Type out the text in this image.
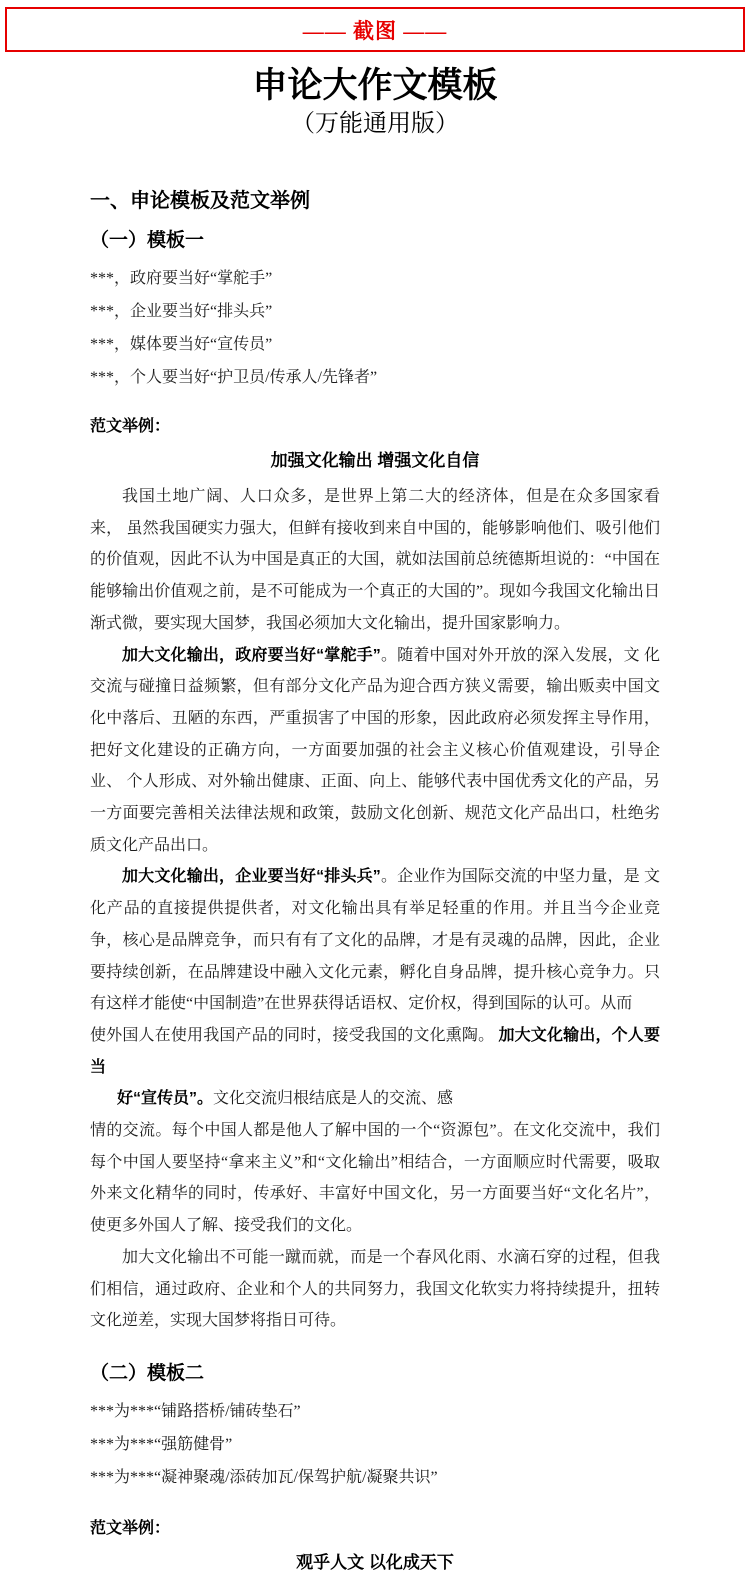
—— 截图 ——
申论大作文模板
（万能通用版）
一、申论模板及范文举例
（一）模板一
***，政府要当好“掌舵手”
***，企业要当好“排头兵”
***，媒体要当好“宣传员”
***，个人要当好“护卫员/传承人/先锋者”
范文举例：
加强文化输出 增强文化自信

我国土地广阔、人口众多，是世界上第二大的经济体，但是在众多国家看来， 虽然我国硬实力强大，但鲜有接收到来自中国的，能够影响他们、吸引他们的价值观，因此不认为中国是真正的大国，就如法国前总统德斯坦说的：“中国在能够输出价值观之前，是不可能成为一个真正的大国的”。现如今我国文化输出日渐式微，要实现大国梦，我国必须加大文化输出，提升国家影响力。

加大文化输出，政府要当好“掌舵手”。随着中国对外开放的深入发展，文 化交流与碰撞日益频繁，但有部分文化产品为迎合西方狭义需要，输出贩卖中国文化中落后、丑陋的东西，严重损害了中国的形象，因此政府必须发挥主导作用， 把好文化建设的正确方向，一方面要加强的社会主义核心价值观建设，引导企业、 个人形成、对外输出健康、正面、向上、能够代表中国优秀文化的产品，另一方面要完善相关法律法规和政策，鼓励文化创新、规范文化产品出口，杜绝劣质文化产品出口。

加大文化输出，企业要当好“排头兵”。企业作为国际交流的中坚力量，是 文化产品的直接提供提供者，对文化输出具有举足轻重的作用。并且当今企业竞争，核心是品牌竞争，而只有有了文化的品牌，才是有灵魂的品牌，因此，企业要持续创新，在品牌建设中融入文化元素，孵化自身品牌，提升核心竞争力。只有这样才能使“中国制造”在世界获得话语权、定价权，得到国际的认可。从而

使外国人在使用我国产品的同时，接受我国的文化熏陶。 加大文化输出，个人要当

好“宣传员”。文化交流归根结底是人的交流、感

情的交流。每个中国人都是他人了解中国的一个“资源包”。在文化交流中，我们每个中国人要坚持“拿来主义”和“文化输出”相结合，一方面顺应时代需要，吸取外来文化精华的同时，传承好、丰富好中国文化，另一方面要当好“文化名片”，使更多外国人了解、接受我们的文化。

加大文化输出不可能一蹴而就，而是一个春风化雨、水滴石穿的过程，但我 们相信，通过政府、企业和个人的共同努力，我国文化软实力将持续提升，扭转文化逆差，实现大国梦将指日可待。

（二）模板二
***为***“铺路搭桥/铺砖垫石”
***为***“强筋健骨”
***为***“凝神聚魂/添砖加瓦/保驾护航/凝聚共识”
范文举例：
观乎人文 以化成天下
